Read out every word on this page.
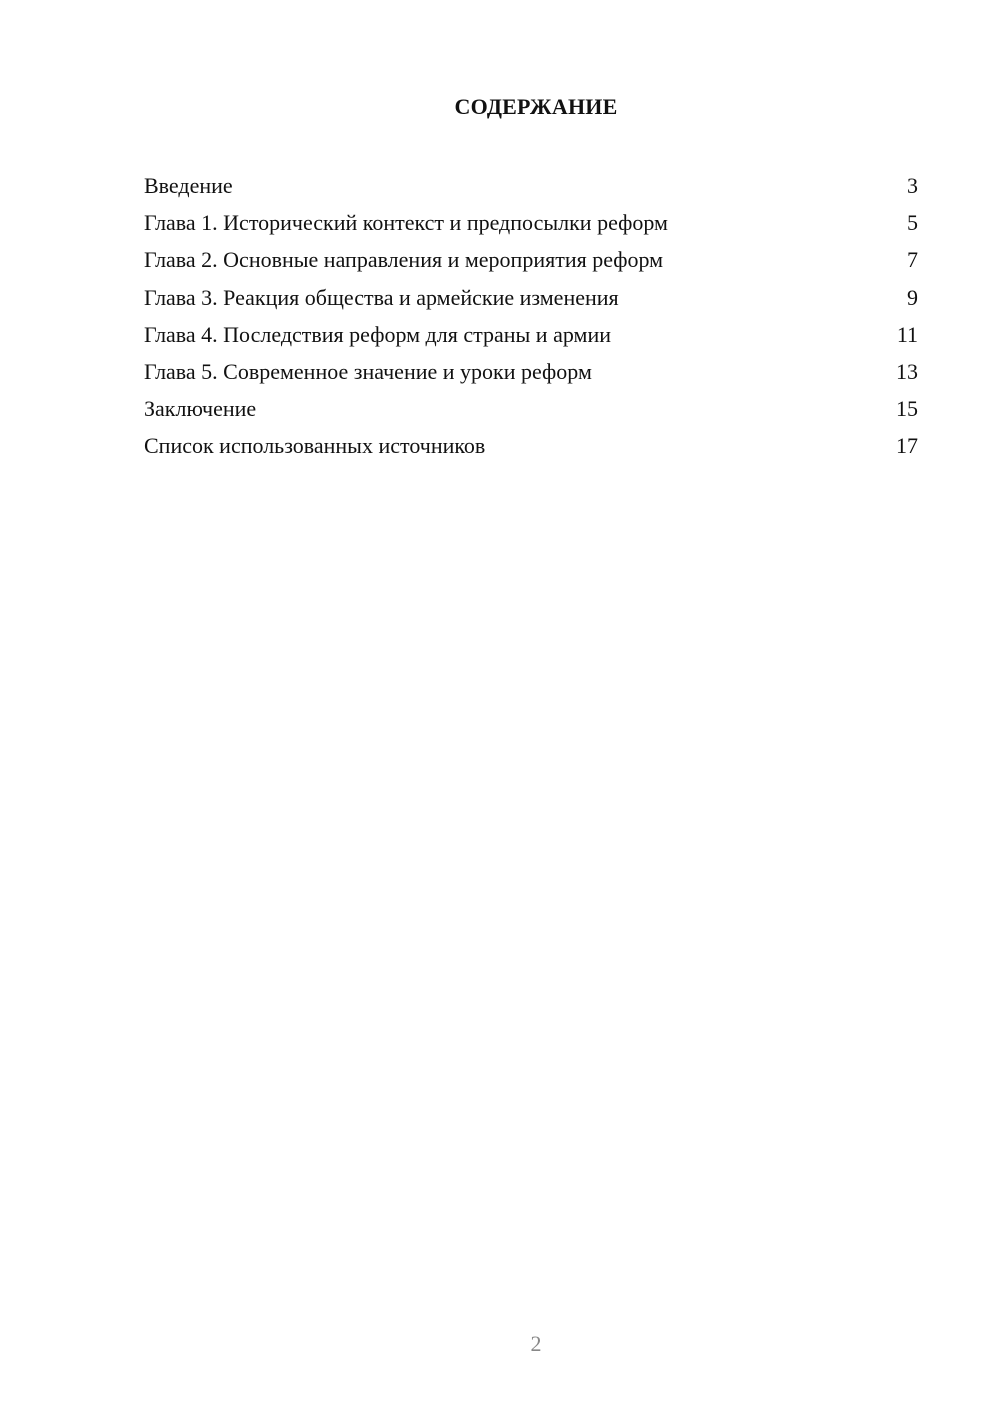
СОДЕРЖАНИЕ
Введение	3
Глава 1. Исторический контекст и предпосылки реформ	5
Глава 2. Основные направления и мероприятия реформ	7
Глава 3. Реакция общества и армейские изменения	9
Глава 4. Последствия реформ для страны и армии	11
Глава 5. Современное значение и уроки реформ	13
Заключение	15
Список использованных источников	17
2
